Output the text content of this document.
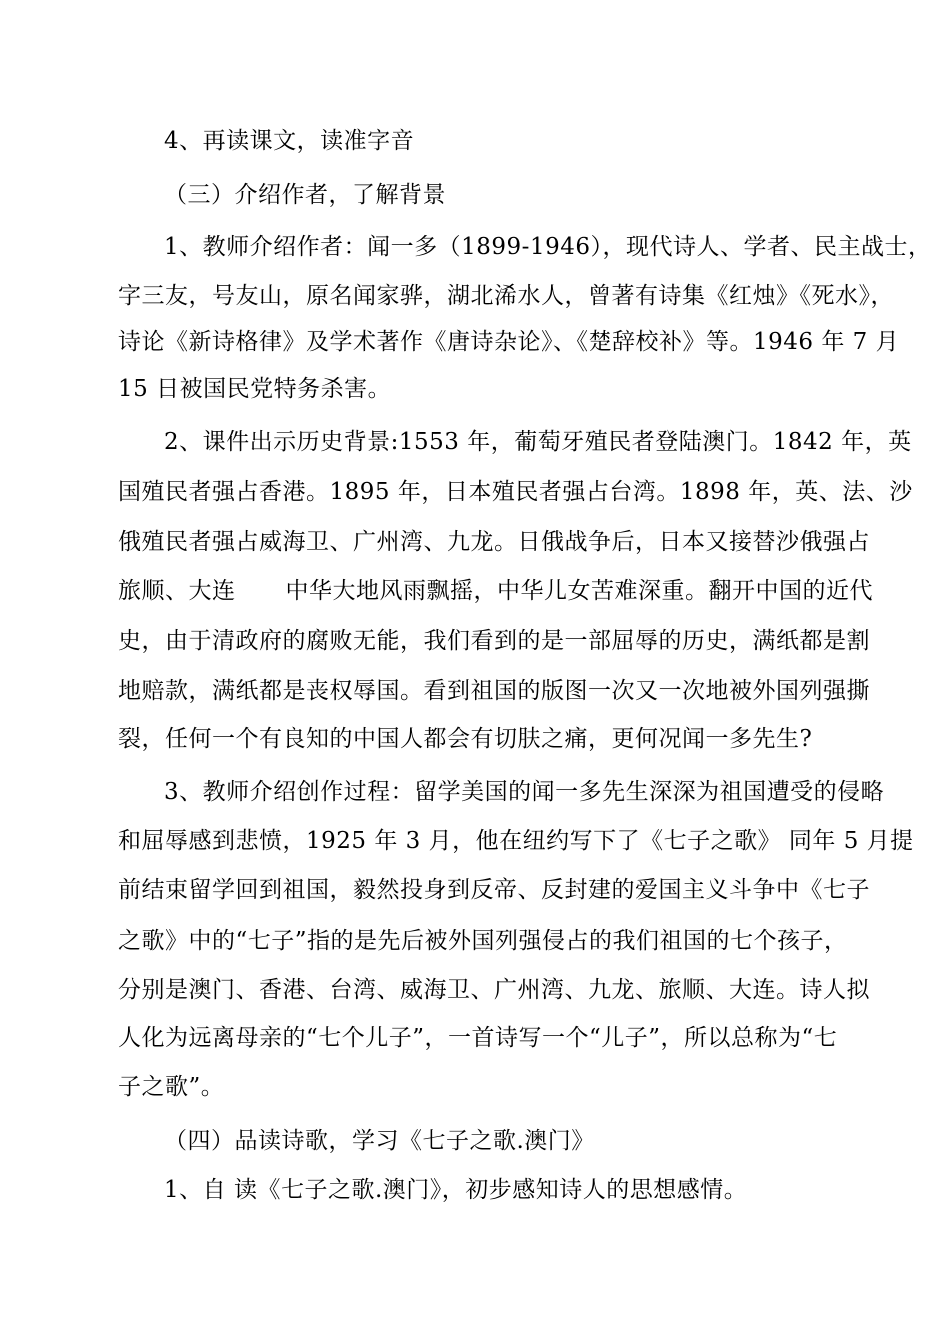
4、再读课文，读准字音
（三）介绍作者，了解背景
1、教师介绍作者：闻一多（1899-1946），现代诗人、学者、民主战士，
字三友，号友山，原名闻家骅，湖北浠水人，曾著有诗集《红烛》《死水》，
诗论《新诗格律》及学术著作《唐诗杂论》、《楚辞校补》等。1946 年 7 月
15 日被国民党特务杀害。
2、课件出示历史背景:1553 年，葡萄牙殖民者登陆澳门。1842 年，英
国殖民者强占香港。1895 年，日本殖民者强占台湾。1898 年，英、法、沙
俄殖民者强占威海卫、广州湾、九龙。日俄战争后，日本又接替沙俄强占
旅顺、大连 中华大地风雨飘摇，中华儿女苦难深重。翻开中国的近代
史，由于清政府的腐败无能，我们看到的是一部屈辱的历史，满纸都是割
地赔款，满纸都是丧权辱国。看到祖国的版图一次又一次地被外国列强撕
裂，任何一个有良知的中国人都会有切肤之痛，更何况闻一多先生?
3、教师介绍创作过程：留学美国的闻一多先生深深为祖国遭受的侵略
和屈辱感到悲愤，1925 年 3 月，他在纽约写下了《七子之歌》 同年 5 月提
前结束留学回到祖国，毅然投身到反帝、反封建的爱国主义斗争中《七子
之歌》中的“七子”指的是先后被外国列强侵占的我们祖国的七个孩子，
分别是澳门、香港、台湾、威海卫、广州湾、九龙、旅顺、大连。诗人拟
人化为远离母亲的“七个儿子”，一首诗写一个“儿子”，所以总称为“七
子之歌”。
（四）品读诗歌，学习《七子之歌.澳门》
1、自 读《七子之歌.澳门》，初步感知诗人的思想感情。
